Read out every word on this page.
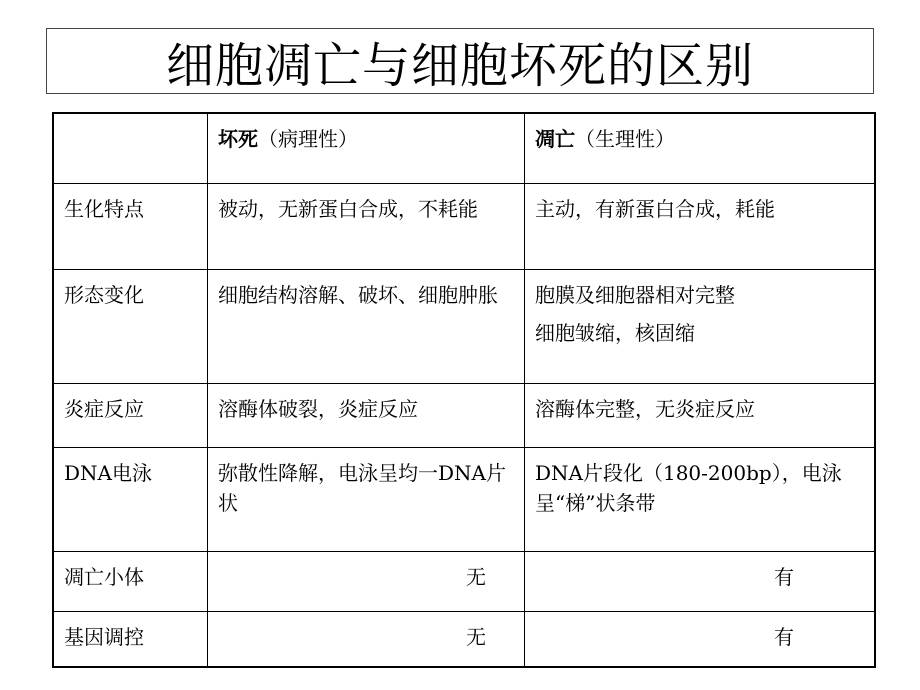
细胞凋亡与细胞坏死的区别
	坏死（病理性）	凋亡（生理性）
生化特点	被动，无新蛋白合成，不耗能	主动，有新蛋白合成，耗能
形态变化	细胞结构溶解、破坏、细胞肿胀	胞膜及细胞器相对完整
细胞皱缩，核固缩

炎症反应	溶酶体破裂，炎症反应	溶酶体完整，无炎症反应
DNA电泳	弥散性降解，电泳呈均一DNA片状	DNA片段化（180-200bp），电泳呈“梯”状条带
凋亡小体	无	有
基因调控	无	有
